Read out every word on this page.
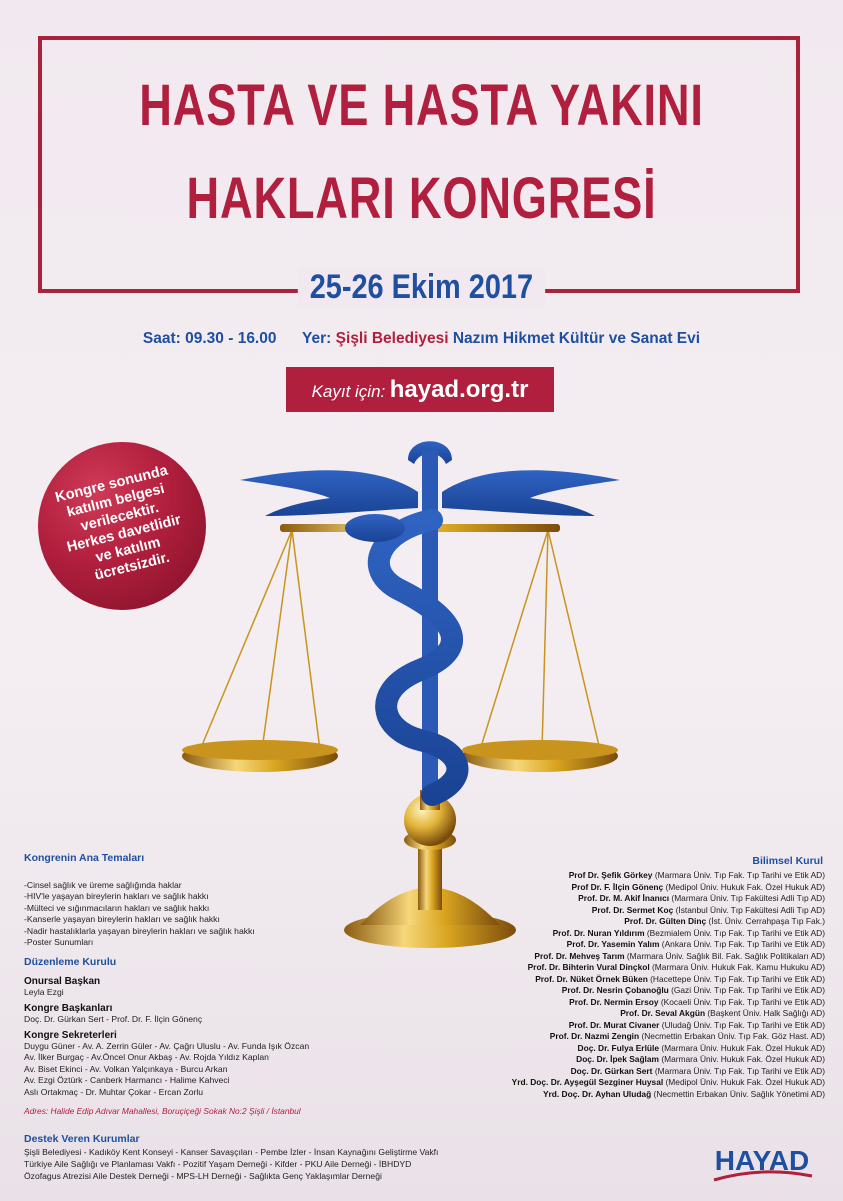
HASTA VE HASTA YAKINI
HAKLARI KONGRESİ
25-26 Ekim 2017
Saat: 09.30 - 16.00 Yer: Şişli Belediyesi Nazım Hikmet Kültür ve Sanat Evi
Kayıt için: hayad.org.tr
Kongre sonunda katılım belgesi verilecektir. Herkes davetlidir ve katılım ücretsizdir.
Kongrenin Ana Temaları
-Cinsel sağlık ve üreme sağlığında haklar
-HIV'le yaşayan bireylerin hakları ve sağlık hakkı
-Mülteci ve sığınmacıların hakları ve sağlık hakkı
-Kanserle yaşayan bireylerin hakları ve sağlık hakkı
-Nadir hastalıklarla yaşayan bireylerin hakları ve sağlık hakkı
-Poster Sunumları
Düzenleme Kurulu
Onursal Başkan
Leyla Ezgi
Kongre Başkanları
Doç. Dr. Gürkan Sert - Prof. Dr. F. İlçin Gönenç
Kongre Sekreterleri
Duygu Güner - Av. A. Zerrin Güler - Av. Çağrı Uluslu - Av. Funda Işık Özcan
Av. İlker Burgaç - Av.Öncel Onur Akbaş - Av. Rojda Yıldız Kaplan
Av. Biset Ekinci - Av. Volkan Yalçınkaya - Burcu Arkan
Av. Ezgi Öztürk - Canberk Harmancı - Halime Kahveci
Aslı Ortakmaç - Dr. Muhtar Çokar - Ercan Zorlu
Adres: Halide Edip Adıvar Mahallesi, Boruçiçeği Sokak No:2 Şişli / İstanbul
Bilimsel Kurul
Prof Dr. Şefik Görkey (Marmara Üniv. Tıp Fak. Tıp Tarihi ve Etik AD)
Prof Dr. F. İlçin Gönenç (Medipol Üniv. Hukuk Fak. Özel Hukuk AD)
Prof. Dr. M. Akif İnanıcı (Marmara Üniv. Tıp Fakültesi Adli Tıp AD)
Prof. Dr. Sermet Koç (İstanbul Üniv. Tıp Fakültesi Adli Tıp AD)
Prof. Dr. Gülten Dinç (İst. Üniv. Cerrahpaşa Tıp Fak.)
Prof. Dr. Nuran Yıldırım (Bezmialem Üniv. Tıp Fak. Tıp Tarihi ve Etik AD)
Prof. Dr. Yasemin Yalım (Ankara Üniv. Tıp Fak. Tıp Tarihi ve Etik AD)
Prof. Dr. Mehveş Tarım (Marmara Üniv. Sağlık Bil. Fak. Sağlık Politikaları AD)
Prof. Dr. Bihterin Vural Dinçkol (Marmara Üniv. Hukuk Fak. Kamu Hukuku AD)
Prof. Dr. Nüket Örnek Büken (Hacettepe Üniv. Tıp Fak. Tıp Tarihi ve Etik AD)
Prof. Dr. Nesrin Çobanoğlu (Gazi Üniv. Tıp Fak. Tıp Tarihi ve Etik AD)
Prof. Dr. Nermin Ersoy (Kocaeli Üniv. Tıp Fak. Tıp Tarihi ve Etik AD)
Prof. Dr. Seval Akgün (Başkent Üniv. Halk Sağlığı AD)
Prof. Dr. Murat Civaner (Uludağ Üniv. Tıp Fak. Tıp Tarihi ve Etik AD)
Prof. Dr. Nazmi Zengin (Necmettin Erbakan Üniv. Tıp Fak. Göz Hast. AD)
Doç. Dr. Fulya Erlüle (Marmara Üniv. Hukuk Fak. Özel Hukuk AD)
Doç. Dr. İpek Sağlam (Marmara Üniv. Hukuk Fak. Özel Hukuk AD)
Doç. Dr. Gürkan Sert (Marmara Üniv. Tıp Fak. Tıp Tarihi ve Etik AD)
Yrd. Doç. Dr. Ayşegül Sezginer Huysal (Medipol Üniv. Hukuk Fak. Özel Hukuk AD)
Yrd. Doç. Dr. Ayhan Uludağ (Necmettin Erbakan Üniv. Sağlık Yönetimi AD)
Destek Veren Kurumlar
Şişli Belediyesi - Kadıköy Kent Konseyi - Kanser Savaşçıları - Pembe İzler - İnsan Kaynağını Geliştirme Vakfı
Türkiye Aile Sağlığı ve Planlaması Vakfı - Pozitif Yaşam Derneği - Kifder - PKU Aile Derneği - İBHDYD
Özofagus Atrezisi Aile Destek Derneği - MPS-LH Derneği - Sağlıkta Genç Yaklaşımlar Derneği	HAYAD
